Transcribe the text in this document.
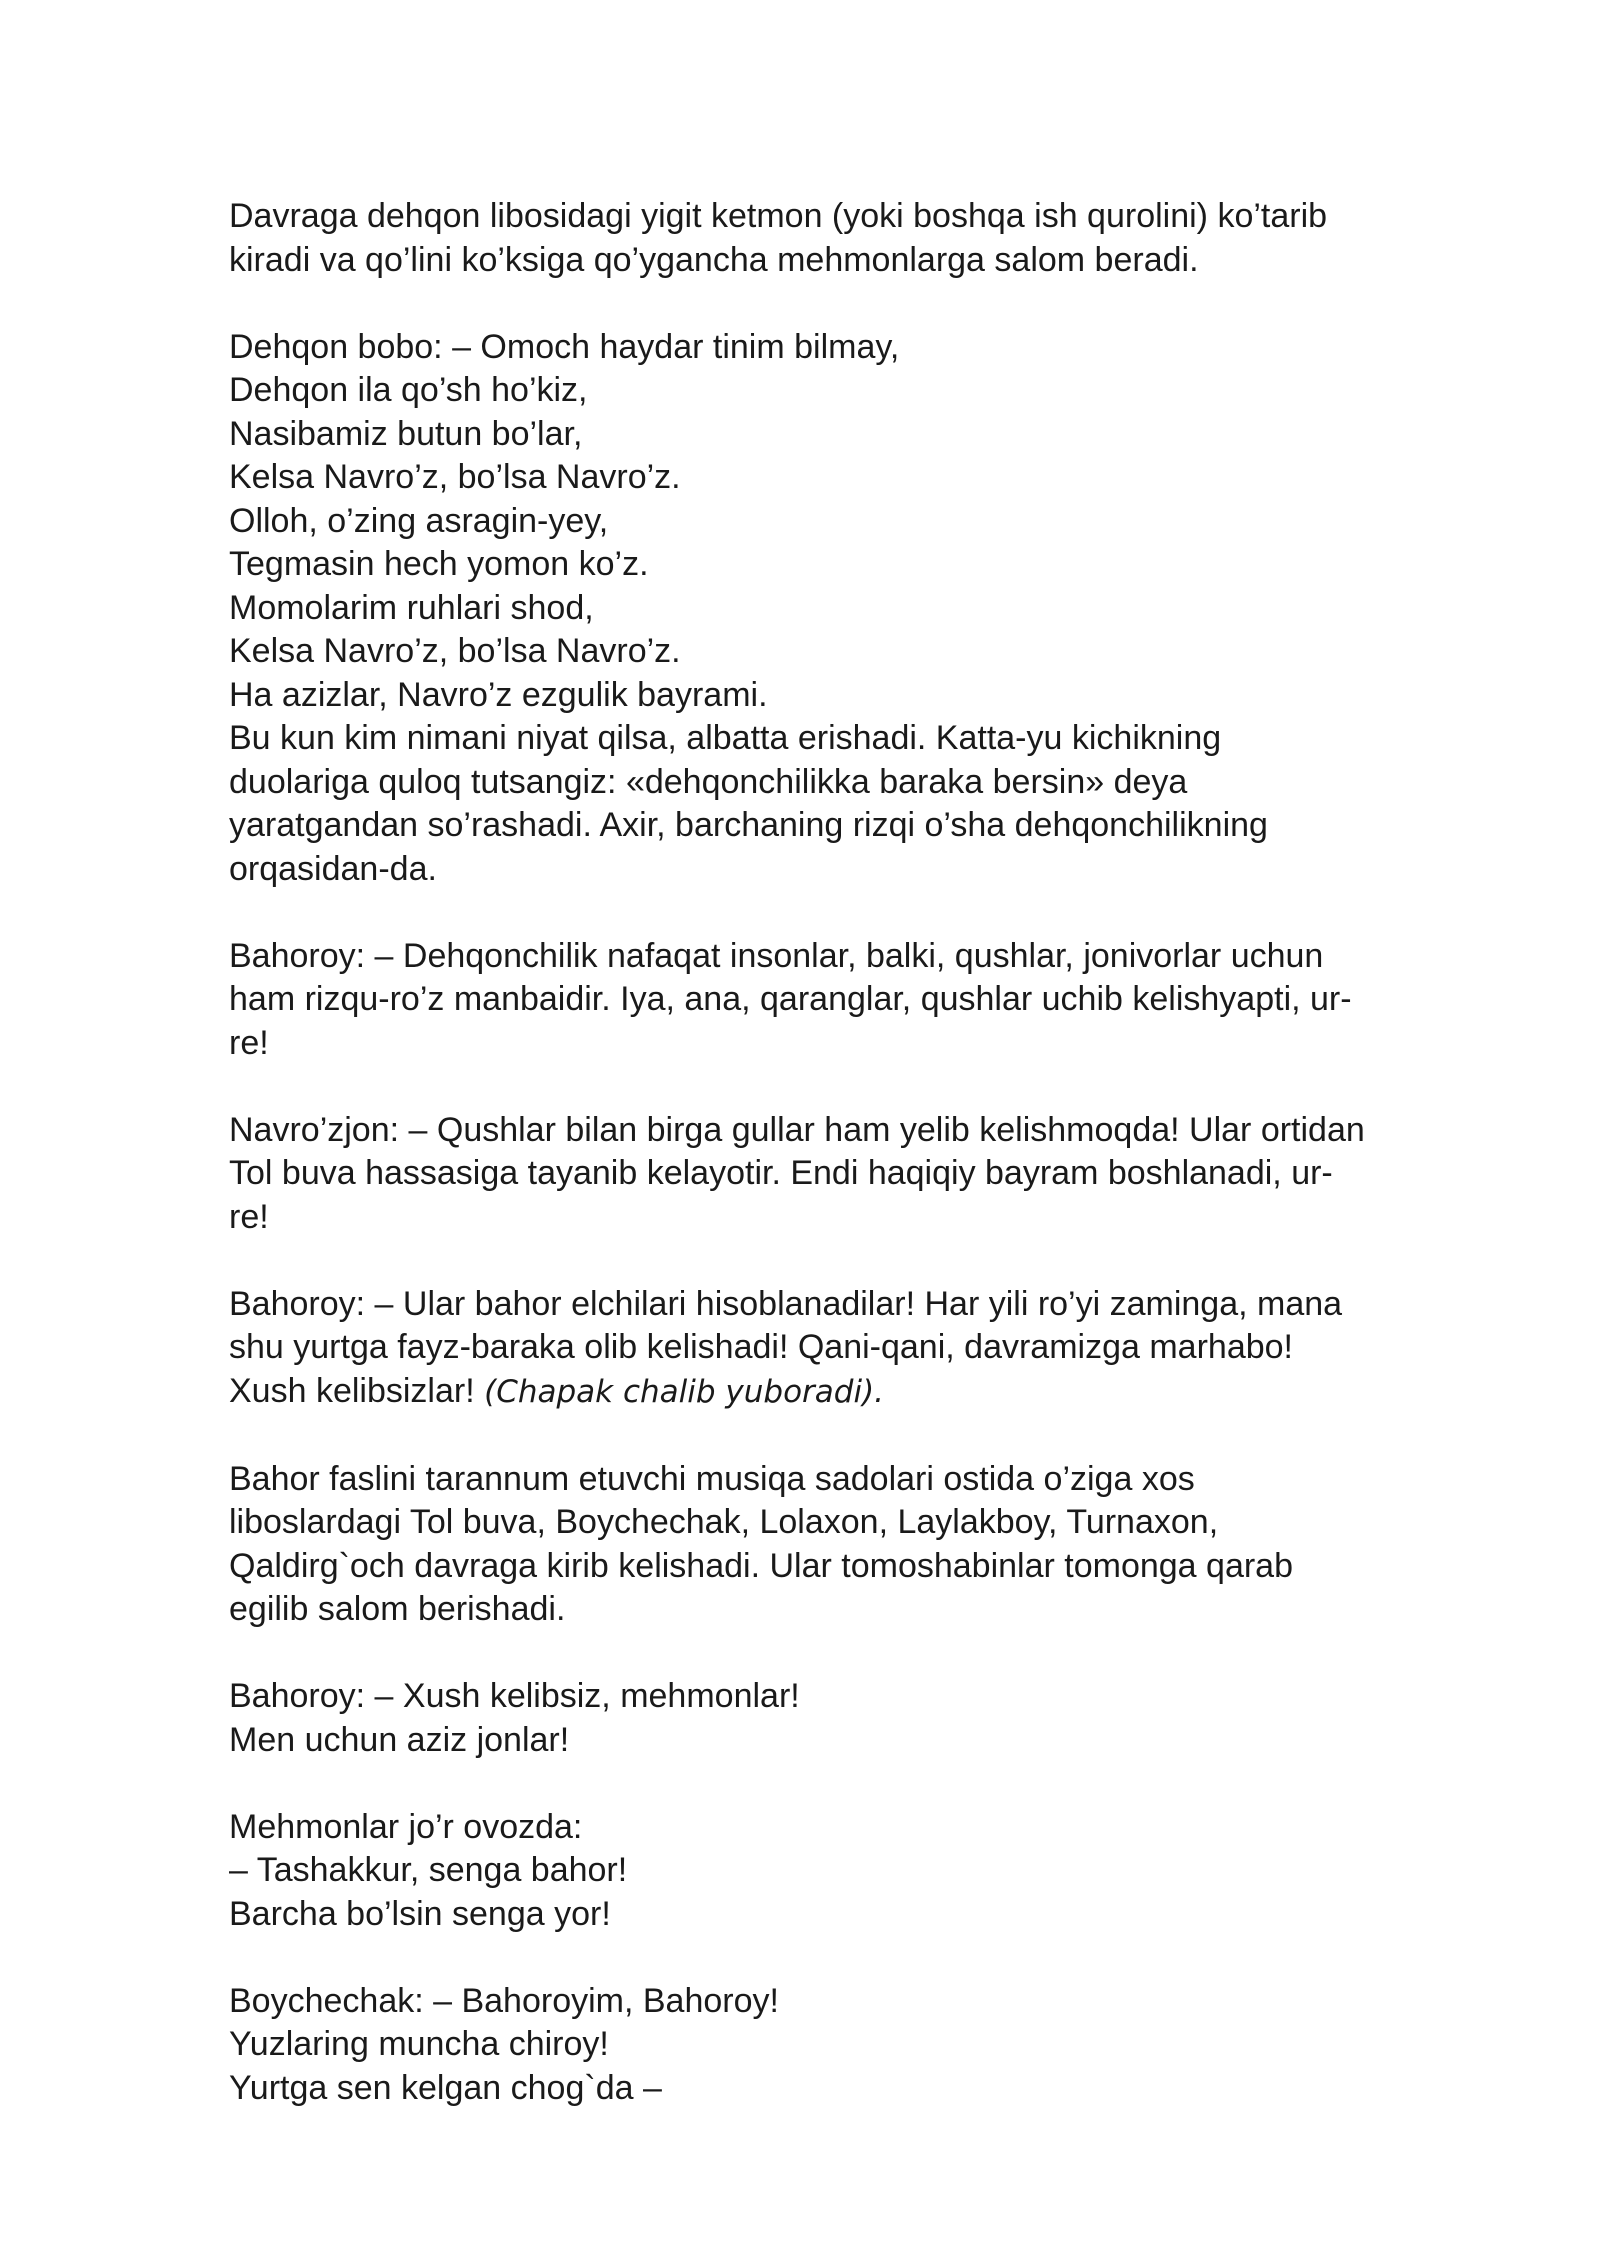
Davraga dehqon libosidagi yigit ketmon (yoki boshqa ish qurolini) ko’tarib
kiradi va qo’lini ko’ksiga qo’ygancha mehmonlarga salom beradi.
Dehqon bobo: – Omoch haydar tinim bilmay,
Dehqon ila qo’sh ho’kiz,
Nasibamiz butun bo’lar,
Kelsa Navro’z, bo’lsa Navro’z.
Olloh, o’zing asragin-yey,
Tegmasin hech yomon ko’z.
Momolarim ruhlari shod,
Kelsa Navro’z, bo’lsa Navro’z.
Ha azizlar, Navro’z ezgulik bayrami.
Bu kun kim nimani niyat qilsa, albatta erishadi. Katta-yu kichikning
duolariga quloq tutsangiz: «dehqonchilikka baraka bersin» deya
yaratgandan so’rashadi. Axir, barchaning rizqi o’sha dehqonchilikning
orqasidan-da.
Bahoroy: – Dehqonchilik nafaqat insonlar, balki, qushlar, jonivorlar uchun
ham rizqu-ro’z manbaidir. Iya, ana, qaranglar, qushlar uchib kelishyapti, ur-
re!
Navro’zjon: – Qushlar bilan birga gullar ham yelib kelishmoqda! Ular ortidan
Tol buva hassasiga tayanib kelayotir. Endi haqiqiy bayram boshlanadi, ur-
re!
Bahoroy: – Ular bahor elchilari hisoblanadilar! Har yili ro’yi zaminga, mana
shu yurtga fayz-baraka olib kelishadi! Qani-qani, davramizga marhabo!
Xush kelibsizlar! (Chapak chalib yuboradi).
Bahor faslini tarannum etuvchi musiqa sadolari ostida o’ziga xos
liboslardagi Tol buva, Boychechak, Lolaxon, Laylakboy, Turnaxon,
Qaldirg`och davraga kirib kelishadi. Ular tomoshabinlar tomonga qarab
egilib salom berishadi.
Bahoroy: – Xush kelibsiz, mehmonlar!
Men uchun aziz jonlar!
Mehmonlar jo’r ovozda:
– Tashakkur, senga bahor!
Barcha bo’lsin senga yor!
Boychechak: – Bahoroyim, Bahoroy!
Yuzlaring muncha chiroy!
Yurtga sen kelgan chog`da –
